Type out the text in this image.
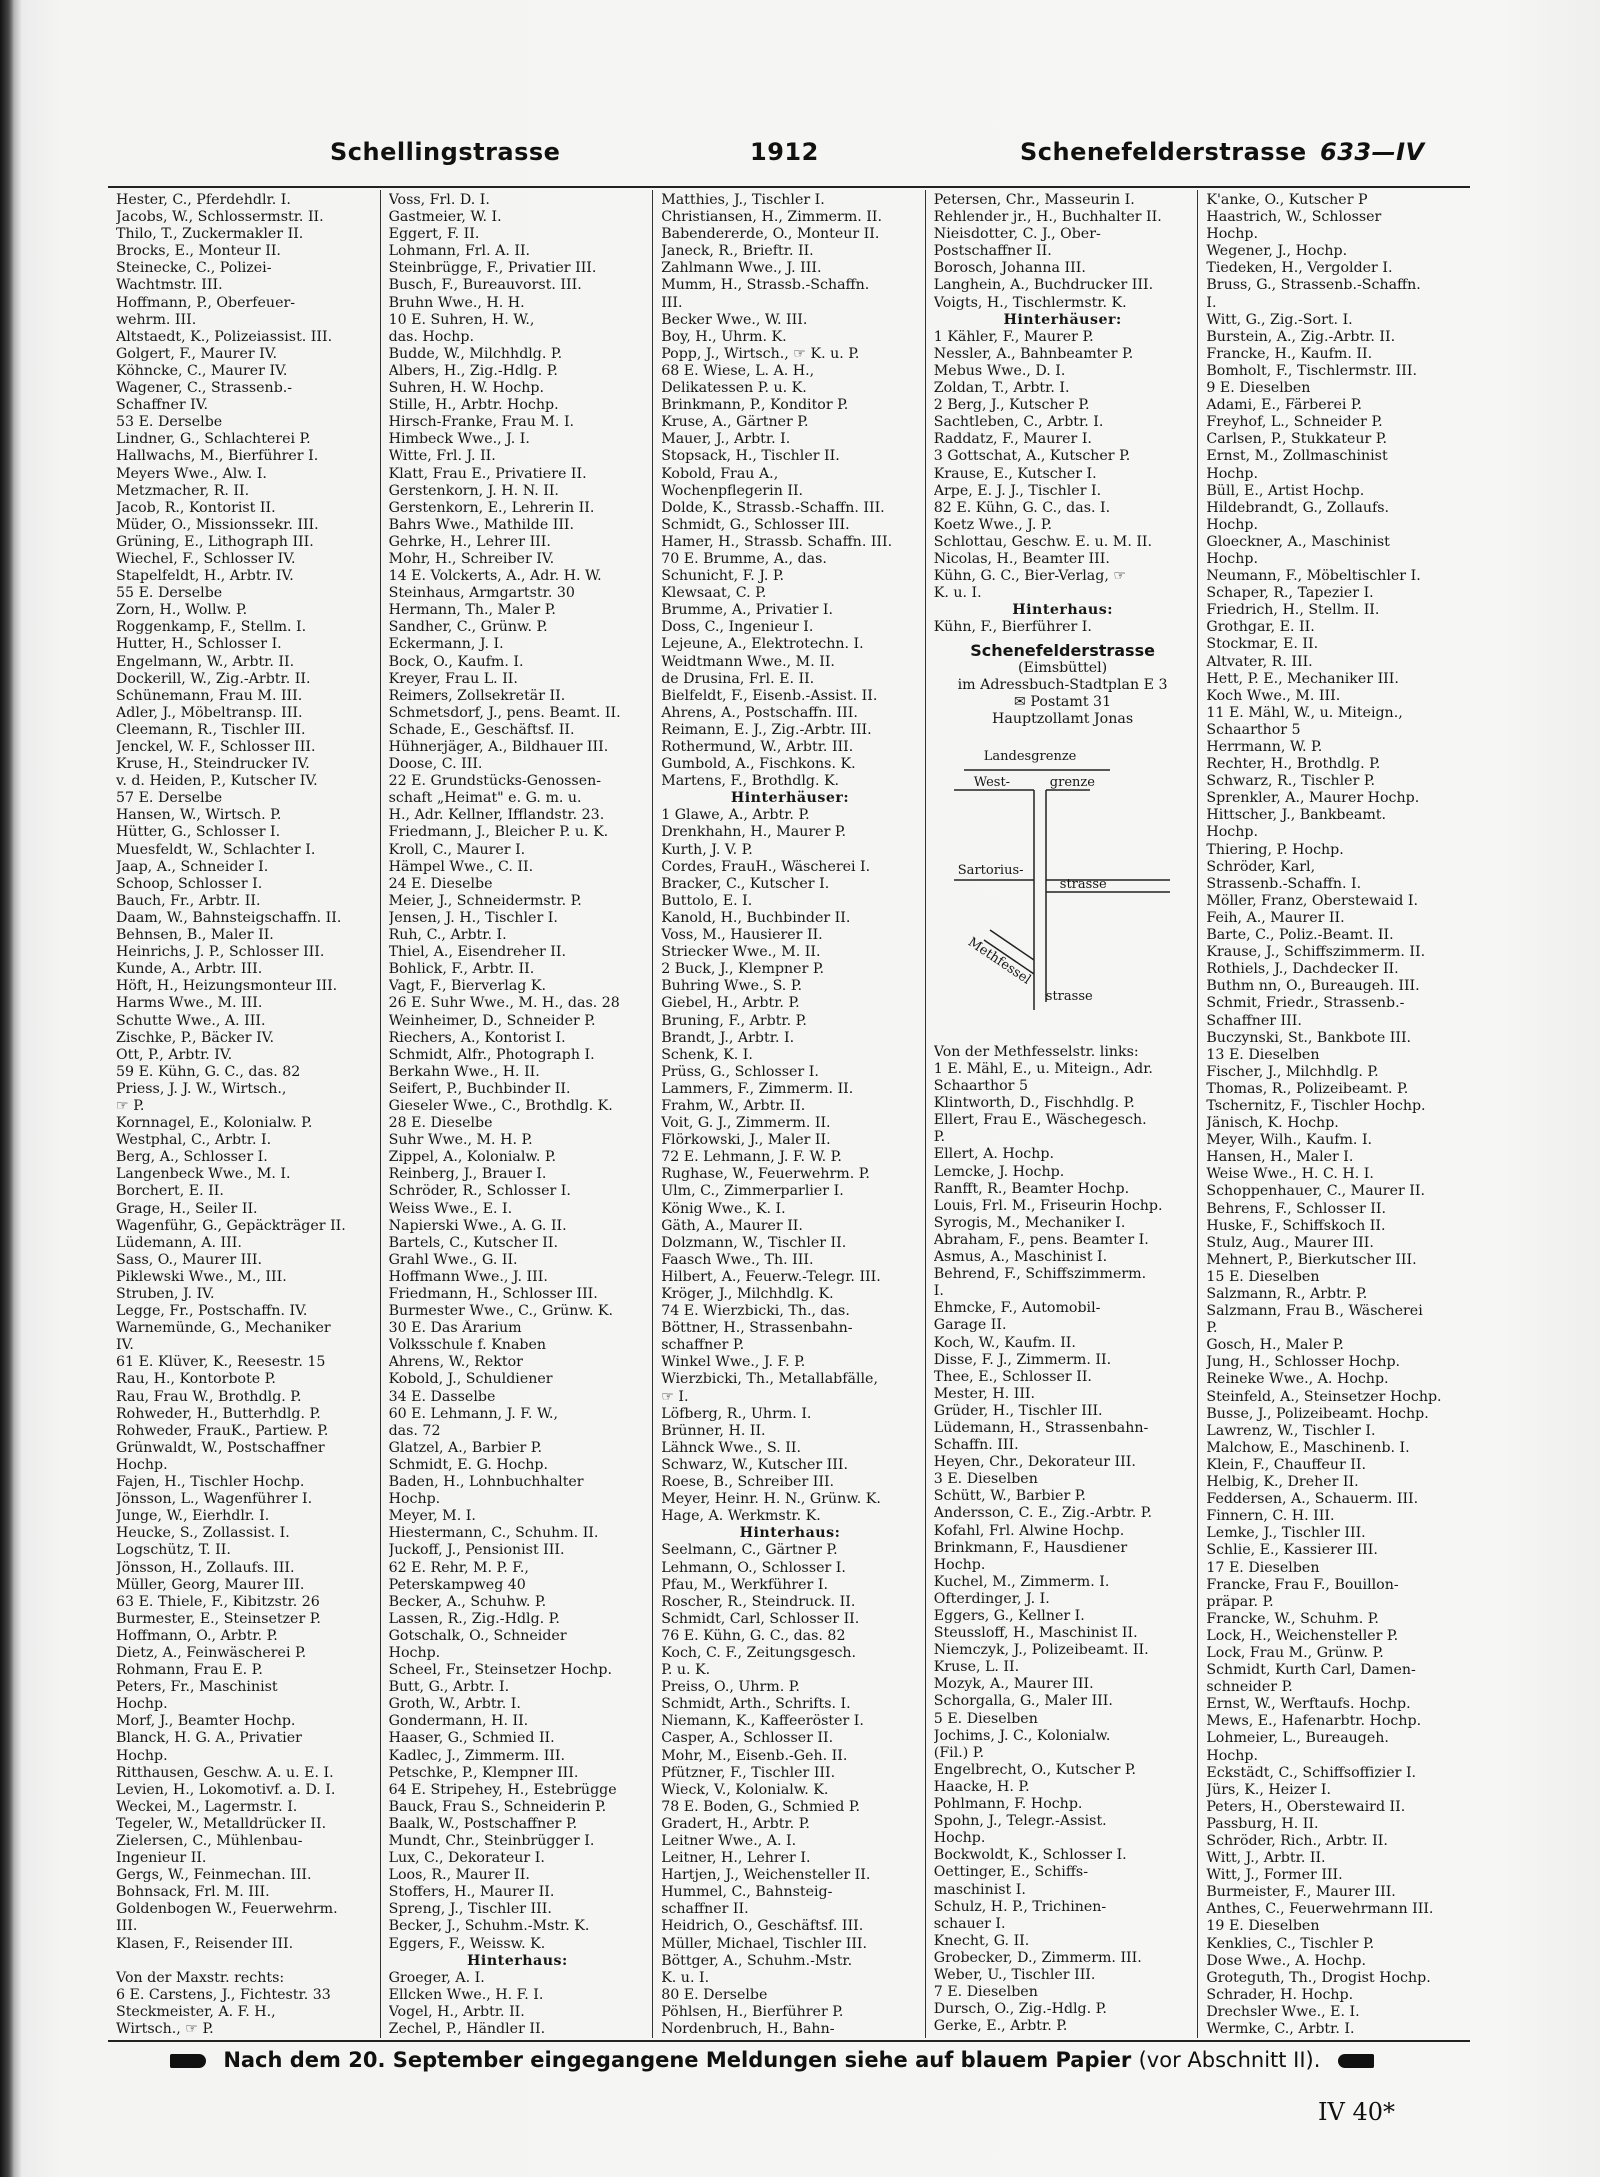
Schellingstrasse	1912	Schenefelderstrasse 633—IV
Hester, C., Pferdehdlr. I.
Jacobs, W., Schlossermstr. II.
Thilo, T., Zuckermakler II.
Brocks, E., Monteur II.
Steinecke, C., Polizei-
Wachtmstr. III.
Hoffmann, P., Oberfeuer-
wehrm. III.
Altstaedt, K., Polizeiassist. III.
Golgert, F., Maurer IV.
Köhncke, C., Maurer IV.
Wagener, C., Strassenb.-
Schaffner IV.
53 E. Derselbe
Lindner, G., Schlachterei P.
Hallwachs, M., Bierführer I.
Meyers Wwe., Alw. I.
Metzmacher, R. II.
Jacob, R., Kontorist II.
Müder, O., Missionssekr. III.
Grüning, E., Lithograph III.
Wiechel, F., Schlosser IV.
Stapelfeldt, H., Arbtr. IV.
55 E. Derselbe
Zorn, H., Wollw. P.
Roggenkamp, F., Stellm. I.
Hutter, H., Schlosser I.
Engelmann, W., Arbtr. II.
Dockerill, W., Zig.-Arbtr. II.
Schünemann, Frau M. III.
Adler, J., Möbeltransp. III.
Cleemann, R., Tischler III.
Jenckel, W. F., Schlosser III.
Kruse, H., Steindrucker IV.
v. d. Heiden, P., Kutscher IV.
57 E. Derselbe
Hansen, W., Wirtsch. P.
Hütter, G., Schlosser I.
Muesfeldt, W., Schlachter I.
Jaap, A., Schneider I.
Schoop, Schlosser I.
Bauch, Fr., Arbtr. II.
Daam, W., Bahnsteigschaffn. II.
Behnsen, B., Maler II.
Heinrichs, J. P., Schlosser III.
Kunde, A., Arbtr. III.
Höft, H., Heizungsmonteur III.
Harms Wwe., M. III.
Schutte Wwe., A. III.
Zischke, P., Bäcker IV.
Ott, P., Arbtr. IV.
59 E. Kühn, G. C., das. 82
Priess, J. J. W., Wirtsch.,
☞ P.
Kornnagel, E., Kolonialw. P.
Westphal, C., Arbtr. I.
Berg, A., Schlosser I.
Langenbeck Wwe., M. I.
Borchert, E. II.
Grage, H., Seiler II.
Wagenführ, G., Gepäckträger II.
Lüdemann, A. III.
Sass, O., Maurer III.
Piklewski Wwe., M., III.
Struben, J. IV.
Legge, Fr., Postschaffn. IV.
Warnemünde, G., Mechaniker
IV.
61 E. Klüver, K., Reesestr. 15
Rau, H., Kontorbote P.
Rau, Frau W., Brothdlg. P.
Rohweder, H., Butterhdlg. P.
Rohweder, FrauK., Partiew. P.
Grünwaldt, W., Postschaffner
Hochp.
Fajen, H., Tischler Hochp.
Jönsson, L., Wagenführer I.
Junge, W., Eierhdlr. I.
Heucke, S., Zollassist. I.
Logschütz, T. II.
Jönsson, H., Zollaufs. III.
Müller, Georg, Maurer III.
63 E. Thiele, F., Kibitzstr. 26
Burmester, E., Steinsetzer P.
Hoffmann, O., Arbtr. P.
Dietz, A., Feinwäscherei P.
Rohmann, Frau E. P.
Peters, Fr., Maschinist
Hochp.
Morf, J., Beamter Hochp.
Blanck, H. G. A., Privatier
Hochp.
Ritthausen, Geschw. A. u. E. I.
Levien, H., Lokomotivf. a. D. I.
Weckei, M., Lagermstr. I.
Tegeler, W., Metalldrücker II.
Zielersen, C., Mühlenbau-
Ingenieur II.
Gergs, W., Feinmechan. III.
Bohnsack, Frl. M. III.
Goldenbogen W., Feuerwehrm.
III.
Klasen, F., Reisender III.

Von der Maxstr. rechts:
6 E. Carstens, J., Fichtestr. 33
Steckmeister, A. F. H.,
Wirtsch., ☞ P.
Voss, Frl. D. I.
Gastmeier, W. I.
Eggert, F. II.
Lohmann, Frl. A. II.
Steinbrügge, F., Privatier III.
Busch, F., Bureauvorst. III.
Bruhn Wwe., H. H.
10 E. Suhren, H. W.,
das. Hochp.
Budde, W., Milchhdlg. P.
Albers, H., Zig.-Hdlg. P.
Suhren, H. W. Hochp.
Stille, H., Arbtr. Hochp.
Hirsch-Franke, Frau M. I.
Himbeck Wwe., J. I.
Witte, Frl. J. II.
Klatt, Frau E., Privatiere II.
Gerstenkorn, J. H. N. II.
Gerstenkorn, E., Lehrerin II.
Bahrs Wwe., Mathilde III.
Gehrke, H., Lehrer III.
Mohr, H., Schreiber IV.
14 E. Volckerts, A., Adr. H. W.
Steinhaus, Armgartstr. 30
Hermann, Th., Maler P.
Sandher, C., Grünw. P.
Eckermann, J. I.
Bock, O., Kaufm. I.
Kreyer, Frau L. II.
Reimers, Zollsekretär II.
Schmetsdorf, J., pens. Beamt. II.
Schade, E., Geschäftsf. II.
Hühnerjäger, A., Bildhauer III.
Doose, C. III.
22 E. Grundstücks-Genossen-
schaft „Heimat" e. G. m. u.
H., Adr. Kellner, Ifflandstr. 23.
Friedmann, J., Bleicher P. u. K.
Kroll, C., Maurer I.
Hämpel Wwe., C. II.
24 E. Dieselbe
Meier, J., Schneidermstr. P.
Jensen, J. H., Tischler I.
Ruh, C., Arbtr. I.
Thiel, A., Eisendreher II.
Bohlick, F., Arbtr. II.
Vagt, F., Bierverlag K.
26 E. Suhr Wwe., M. H., das. 28
Weinheimer, D., Schneider P.
Riechers, A., Kontorist I.
Schmidt, Alfr., Photograph I.
Berkahn Wwe., H. II.
Seifert, P., Buchbinder II.
Gieseler Wwe., C., Brothdlg. K.
28 E. Dieselbe
Suhr Wwe., M. H. P.
Zippel, A., Kolonialw. P.
Reinberg, J., Brauer I.
Schröder, R., Schlosser I.
Weiss Wwe., E. I.
Napierski Wwe., A. G. II.
Bartels, C., Kutscher II.
Grahl Wwe., G. II.
Hoffmann Wwe., J. III.
Friedmann, H., Schlosser III.
Burmester Wwe., C., Grünw. K.
30 E. Das Ärarium
Volksschule f. Knaben
Ahrens, W., Rektor
Kobold, J., Schuldiener
34 E. Dasselbe
60 E. Lehmann, J. F. W.,
das. 72
Glatzel, A., Barbier P.
Schmidt, E. G. Hochp.
Baden, H., Lohnbuchhalter
Hochp.
Meyer, M. I.
Hiestermann, C., Schuhm. II.
Juckoff, J., Pensionist III.
62 E. Rehr, M. P. F.,
Peterskampweg 40
Becker, A., Schuhw. P.
Lassen, R., Zig.-Hdlg. P.
Gotschalk, O., Schneider
Hochp.
Scheel, Fr., Steinsetzer Hochp.
Butt, G., Arbtr. I.
Groth, W., Arbtr. I.
Gondermann, H. II.
Haaser, G., Schmied II.
Kadlec, J., Zimmerm. III.
Petschke, P., Klempner III.
64 E. Stripehey, H., Estebrügge
Bauck, Frau S., Schneiderin P.
Baalk, W., Postschaffner P.
Mundt, Chr., Steinbrügger I.
Lux, C., Dekorateur I.
Loos, R., Maurer II.
Stoffers, H., Maurer II.
Spreng, J., Tischler III.
Becker, J., Schuhm.-Mstr. K.
Eggers, F., Weissw. K.
Hinterhaus:
Groeger, A. I.
Ellcken Wwe., H. F. I.
Vogel, H., Arbtr. II.
Zechel, P., Händler II.
Matthies, J., Tischler I.
Christiansen, H., Zimmerm. II.
Babendererde, O., Monteur II.
Janeck, R., Brieftr. II.
Zahlmann Wwe., J. III.
Mumm, H., Strassb.-Schaffn.
III.
Becker Wwe., W. III.
Boy, H., Uhrm. K.
Popp, J., Wirtsch., ☞ K. u. P.
68 E. Wiese, L. A. H.,
Delikatessen P. u. K.
Brinkmann, P., Konditor P.
Kruse, A., Gärtner P.
Mauer, J., Arbtr. I.
Stopsack, H., Tischler II.
Kobold, Frau A.,
Wochenpflegerin II.
Dolde, K., Strassb.-Schaffn. III.
Schmidt, G., Schlosser III.
Hamer, H., Strassb. Schaffn. III.
70 E. Brumme, A., das.
Schunicht, F. J. P.
Klewsaat, C. P.
Brumme, A., Privatier I.
Doss, C., Ingenieur I.
Lejeune, A., Elektrotechn. I.
Weidtmann Wwe., M. II.
de Drusina, Frl. E. II.
Bielfeldt, F., Eisenb.-Assist. II.
Ahrens, A., Postschaffn. III.
Reimann, E. J., Zig.-Arbtr. III.
Rothermund, W., Arbtr. III.
Gumbold, A., Fischkons. K.
Martens, F., Brothdlg. K.
Hinterhäuser:
1 Glawe, A., Arbtr. P.
Drenkhahn, H., Maurer P.
Kurth, J. V. P.
Cordes, FrauH., Wäscherei I.
Bracker, C., Kutscher I.
Buttolo, E. I.
Kanold, H., Buchbinder II.
Voss, M., Hausierer II.
Striecker Wwe., M. II.
2 Buck, J., Klempner P.
Buhring Wwe., S. P.
Giebel, H., Arbtr. P.
Bruning, F., Arbtr. P.
Brandt, J., Arbtr. I.
Schenk, K. I.
Prüss, G., Schlosser I.
Lammers, F., Zimmerm. II.
Frahm, W., Arbtr. II.
Voit, G. J., Zimmerm. II.
Flörkowski, J., Maler II.
72 E. Lehmann, J. F. W. P.
Rughase, W., Feuerwehrm. P.
Ulm, C., Zimmerparlier I.
König Wwe., K. I.
Gäth, A., Maurer II.
Dolzmann, W., Tischler II.
Faasch Wwe., Th. III.
Hilbert, A., Feuerw.-Telegr. III.
Kröger, J., Milchhdlg. K.
74 E. Wierzbicki, Th., das.
Böttner, H., Strassenbahn-
schaffner P.
Winkel Wwe., J. F. P.
Wierzbicki, Th., Metallabfälle,
☞ I.
Löfberg, R., Uhrm. I.
Brünner, H. II.
Lähnck Wwe., S. II.
Schwarz, W., Kutscher III.
Roese, B., Schreiber III.
Meyer, Heinr. H. N., Grünw. K.
Hage, A. Werkmstr. K.
Hinterhaus:
Seelmann, C., Gärtner P.
Lehmann, O., Schlosser I.
Pfau, M., Werkführer I.
Roscher, R., Steindruck. II.
Schmidt, Carl, Schlosser II.
76 E. Kühn, G. C., das. 82
Koch, C. F., Zeitungsgesch.
P. u. K.
Preiss, O., Uhrm. P.
Schmidt, Arth., Schrifts. I.
Niemann, K., Kaffeeröster I.
Casper, A., Schlosser II.
Mohr, M., Eisenb.-Geh. II.
Pfützner, F., Tischler III.
Wieck, V., Kolonialw. K.
78 E. Boden, G., Schmied P.
Gradert, H., Arbtr. P.
Leitner Wwe., A. I.
Leitner, H., Lehrer I.
Hartjen, J., Weichensteller II.
Hummel, C., Bahnsteig-
schaffner II.
Heidrich, O., Geschäftsf. III.
Müller, Michael, Tischler III.
Böttger, A., Schuhm.-Mstr.
K. u. I.
80 E. Derselbe
Pöhlsen, H., Bierführer P.
Nordenbruch, H., Bahn-
Petersen, Chr., Masseurin I.
Rehlender jr., H., Buchhalter II.
Nieisdotter, C. J., Ober-
Postschaffner II.
Borosch, Johanna III.
Langhein, A., Buchdrucker III.
Voigts, H., Tischlermstr. K.
Hinterhäuser:
1 Kähler, F., Maurer P.
Nessler, A., Bahnbeamter P.
Mebus Wwe., D. I.
Zoldan, T., Arbtr. I.
2 Berg, J., Kutscher P.
Sachtleben, C., Arbtr. I.
Raddatz, F., Maurer I.
3 Gottschat, A., Kutscher P.
Krause, E., Kutscher I.
Arpe, E. J. J., Tischler I.
82 E. Kühn, G. C., das. I.
Koetz Wwe., J. P.
Schlottau, Geschw. E. u. M. II.
Nicolas, H., Beamter III.
Kühn, G. C., Bier-Verlag, ☞
K. u. I.
Hinterhaus:
Kühn, F., Bierführer I.
Schenefelderstrasse
(Eimsbüttel)
im Adressbuch-Stadtplan E 3
✉ Postamt 31
Hauptzollamt Jonas
Landesgrenze
West-	grenze
Sartorius-
strasse
Methfessel
strasse
Von der Methfesselstr. links:
1 E. Mähl, E., u. Miteign., Adr.
Schaarthor 5
Klintworth, D., Fischhdlg. P.
Ellert, Frau E., Wäschegesch.
P.
Ellert, A. Hochp.
Lemcke, J. Hochp.
Ranfft, R., Beamter Hochp.
Louis, Frl. M., Friseurin Hochp.
Syrogis, M., Mechaniker I.
Abraham, F., pens. Beamter I.
Asmus, A., Maschinist I.
Behrend, F., Schiffszimmerm.
I.
Ehmcke, F., Automobil-
Garage II.
Koch, W., Kaufm. II.
Disse, F. J., Zimmerm. II.
Thee, E., Schlosser II.
Mester, H. III.
Grüder, H., Tischler III.
Lüdemann, H., Strassenbahn-
Schaffn. III.
Heyen, Chr., Dekorateur III.
3 E. Dieselben
Schütt, W., Barbier P.
Andersson, C. E., Zig.-Arbtr. P.
Kofahl, Frl. Alwine Hochp.
Brinkmann, F., Hausdiener
Hochp.
Kuchel, M., Zimmerm. I.
Ofterdinger, J. I.
Eggers, G., Kellner I.
Steussloff, H., Maschinist II.
Niemczyk, J., Polizeibeamt. II.
Kruse, L. II.
Mozyk, A., Maurer III.
Schorgalla, G., Maler III.
5 E. Dieselben
Jochims, J. C., Kolonialw.
(Fil.) P.
Engelbrecht, O., Kutscher P.
Haacke, H. P.
Pohlmann, F. Hochp.
Spohn, J., Telegr.-Assist.
Hochp.
Bockwoldt, K., Schlosser I.
Oettinger, E., Schiffs-
maschinist I.
Schulz, H. P., Trichinen-
schauer I.
Knecht, G. II.
Grobecker, D., Zimmerm. III.
Weber, U., Tischler III.
7 E. Dieselben
Dursch, O., Zig.-Hdlg. P.
Gerke, E., Arbtr. P.
K'anke, O., Kutscher P
Haastrich, W., Schlosser
Hochp.
Wegener, J., Hochp.
Tiedeken, H., Vergolder I.
Bruss, G., Strassenb.-Schaffn.
I.
Witt, G., Zig.-Sort. I.
Burstein, A., Zig.-Arbtr. II.
Francke, H., Kaufm. II.
Bomholt, F., Tischlermstr. III.
9 E. Dieselben
Adami, E., Färberei P.
Freyhof, L., Schneider P.
Carlsen, P., Stukkateur P.
Ernst, M., Zollmaschinist
Hochp.
Büll, E., Artist Hochp.
Hildebrandt, G., Zollaufs.
Hochp.
Gloeckner, A., Maschinist
Hochp.
Neumann, F., Möbeltischler I.
Schaper, R., Tapezier I.
Friedrich, H., Stellm. II.
Grothgar, E. II.
Stockmar, E. II.
Altvater, R. III.
Hett, P. E., Mechaniker III.
Koch Wwe., M. III.
11 E. Mähl, W., u. Miteign.,
Schaarthor 5
Herrmann, W. P.
Rechter, H., Brothdlg. P.
Schwarz, R., Tischler P.
Sprenkler, A., Maurer Hochp.
Hittscher, J., Bankbeamt.
Hochp.
Thiering, P. Hochp.
Schröder, Karl,
Strassenb.-Schaffn. I.
Möller, Franz, Oberstewaid I.
Feih, A., Maurer II.
Barte, C., Poliz.-Beamt. II.
Krause, J., Schiffszimmerm. II.
Rothiels, J., Dachdecker II.
Buthm nn, O., Bureaugeh. III.
Schmit, Friedr., Strassenb.-
Schaffner III.
Buczynski, St., Bankbote III.
13 E. Dieselben
Fischer, J., Milchhdlg. P.
Thomas, R., Polizeibeamt. P.
Tschernitz, F., Tischler Hochp.
Jänisch, K. Hochp.
Meyer, Wilh., Kaufm. I.
Hansen, H., Maler I.
Weise Wwe., H. C. H. I.
Schoppenhauer, C., Maurer II.
Behrens, F., Schlosser II.
Huske, F., Schiffskoch II.
Stulz, Aug., Maurer III.
Mehnert, P., Bierkutscher III.
15 E. Dieselben
Salzmann, R., Arbtr. P.
Salzmann, Frau B., Wäscherei
P.
Gosch, H., Maler P.
Jung, H., Schlosser Hochp.
Reineke Wwe., A. Hochp.
Steinfeld, A., Steinsetzer Hochp.
Busse, J., Polizeibeamt. Hochp.
Lawrenz, W., Tischler I.
Malchow, E., Maschinenb. I.
Klein, F., Chauffeur II.
Helbig, K., Dreher II.
Feddersen, A., Schauerm. III.
Finnern, C. H. III.
Lemke, J., Tischler III.
Schlie, E., Kassierer III.
17 E. Dieselben
Francke, Frau F., Bouillon-
präpar. P.
Francke, W., Schuhm. P.
Lock, H., Weichensteller P.
Lock, Frau M., Grünw. P.
Schmidt, Kurth Carl, Damen-
schneider P.
Ernst, W., Werftaufs. Hochp.
Mews, E., Hafenarbtr. Hochp.
Lohmeier, L., Bureaugeh.
Hochp.
Eckstädt, C., Schiffsoffizier I.
Jürs, K., Heizer I.
Peters, H., Oberstewaird II.
Passburg, H. II.
Schröder, Rich., Arbtr. II.
Witt, J., Arbtr. II.
Witt, J., Former III.
Burmeister, F., Maurer III.
Anthes, C., Feuerwehrmann III.
19 E. Dieselben
Kenklies, C., Tischler P.
Dose Wwe., A. Hochp.
Groteguth, Th., Drogist Hochp.
Schrader, H. Hochp.
Drechsler Wwe., E. I.
Wermke, C., Arbtr. I.
Nach dem 20. September eingegangene Meldungen siehe auf blauem Papier (vor Abschnitt II).
IV 40*
